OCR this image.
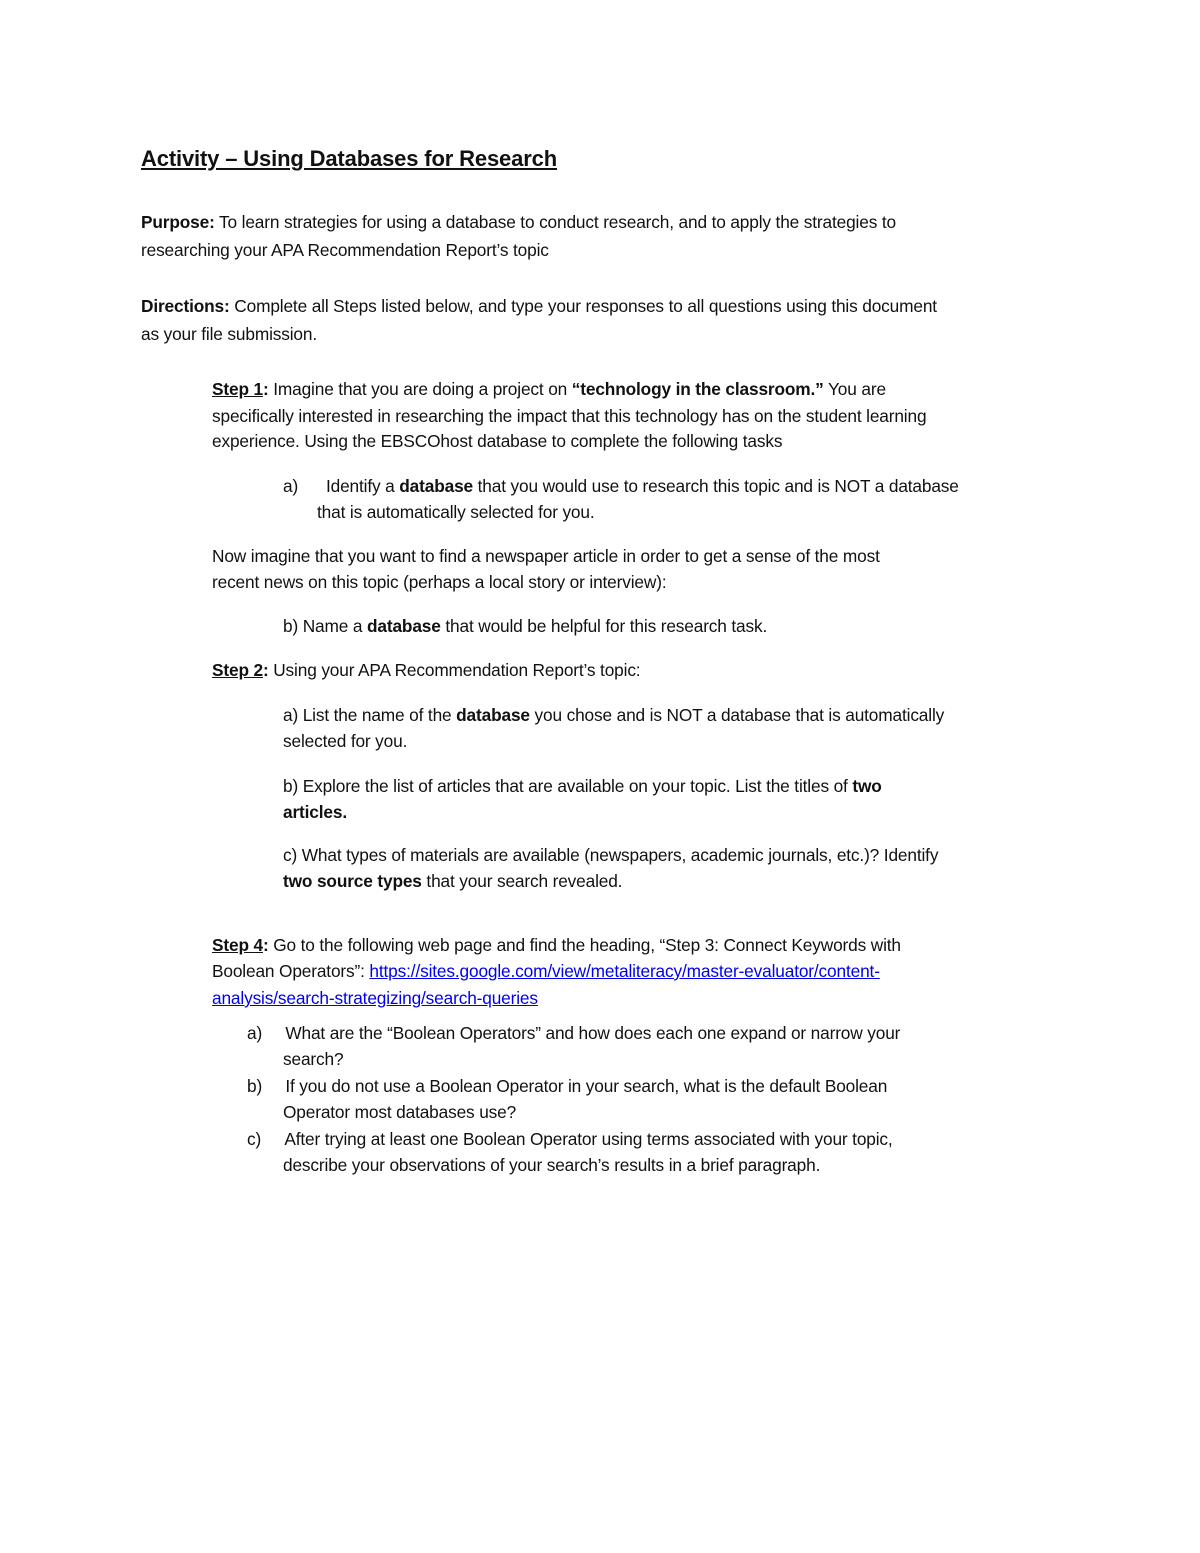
Activity – Using Databases for Research
Purpose: To learn strategies for using a database to conduct research, and to apply the strategies to
researching your APA Recommendation Report’s topic
Directions: Complete all Steps listed below, and type your responses to all questions using this document
as your file submission.
Step 1: Imagine that you are doing a project on “technology in the classroom.” You are
specifically interested in researching the impact that this technology has on the student learning
experience. Using the EBSCOhost database to complete the following tasks
a)      Identify a database that you would use to research this topic and is NOT a database
that is automatically selected for you.
Now imagine that you want to find a newspaper article in order to get a sense of the most
recent news on this topic (perhaps a local story or interview):
b) Name a database that would be helpful for this research task.
Step 2: Using your APA Recommendation Report’s topic:
a) List the name of the database you chose and is NOT a database that is automatically
selected for you.
b) Explore the list of articles that are available on your topic. List the titles of two
articles.
c) What types of materials are available (newspapers, academic journals, etc.)? Identify
two source types that your search revealed.
Step 4: Go to the following web page and find the heading, “Step 3: Connect Keywords with
Boolean Operators”: https://sites.google.com/view/metaliteracy/master-evaluator/content-
analysis/search-strategizing/search-queries
a)     What are the “Boolean Operators” and how does each one expand or narrow your
search?
b)     If you do not use a Boolean Operator in your search, what is the default Boolean
Operator most databases use?
c)     After trying at least one Boolean Operator using terms associated with your topic,
describe your observations of your search’s results in a brief paragraph.
